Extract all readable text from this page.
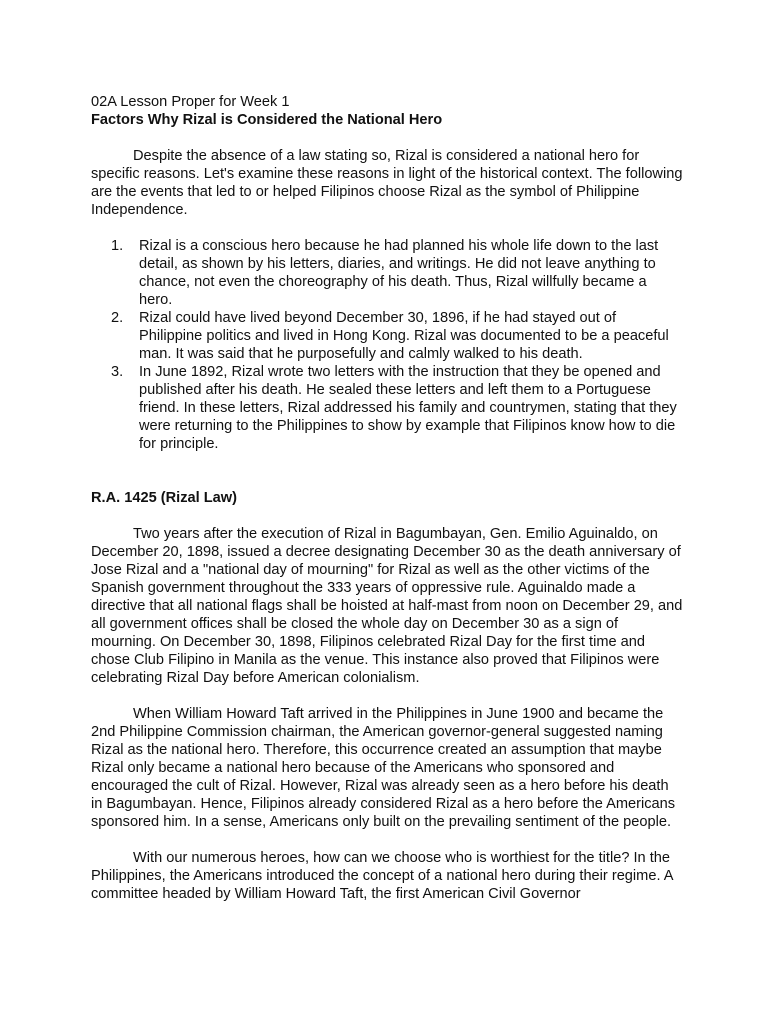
02A Lesson Proper for Week 1
Factors Why Rizal is Considered the National Hero

Despite the absence of a law stating so, Rizal is considered a national hero for specific reasons. Let's examine these reasons in light of the historical context. The following are the events that led to or helped Filipinos choose Rizal as the symbol of Philippine Independence.

1. Rizal is a conscious hero because he had planned his whole life down to the last detail, as shown by his letters, diaries, and writings. He did not leave anything to chance, not even the choreography of his death. Thus, Rizal willfully became a hero.
2. Rizal could have lived beyond December 30, 1896, if he had stayed out of Philippine politics and lived in Hong Kong. Rizal was documented to be a peaceful man. It was said that he purposefully and calmly walked to his death.
3. In June 1892, Rizal wrote two letters with the instruction that they be opened and published after his death. He sealed these letters and left them to a Portuguese friend. In these letters, Rizal addressed his family and countrymen, stating that they were returning to the Philippines to show by example that Filipinos know how to die for principle.
R.A. 1425 (Rizal Law)

Two years after the execution of Rizal in Bagumbayan, Gen. Emilio Aguinaldo, on December 20, 1898, issued a decree designating December 30 as the death anniversary of Jose Rizal and a "national day of mourning" for Rizal as well as the other victims of the Spanish government throughout the 333 years of oppressive rule. Aguinaldo made a directive that all national flags shall be hoisted at half-mast from noon on December 29, and all government offices shall be closed the whole day on December 30 as a sign of mourning. On December 30, 1898, Filipinos celebrated Rizal Day for the first time and chose Club Filipino in Manila as the venue. This instance also proved that Filipinos were celebrating Rizal Day before American colonialism.

When William Howard Taft arrived in the Philippines in June 1900 and became the 2nd Philippine Commission chairman, the American governor-general suggested naming Rizal as the national hero. Therefore, this occurrence created an assumption that maybe Rizal only became a national hero because of the Americans who sponsored and encouraged the cult of Rizal. However, Rizal was already seen as a hero before his death in Bagumbayan. Hence, Filipinos already considered Rizal as a hero before the Americans sponsored him. In a sense, Americans only built on the prevailing sentiment of the people.

With our numerous heroes, how can we choose who is worthiest for the title? In the Philippines, the Americans introduced the concept of a national hero during their regime. A committee headed by William Howard Taft, the first American Civil Governor
